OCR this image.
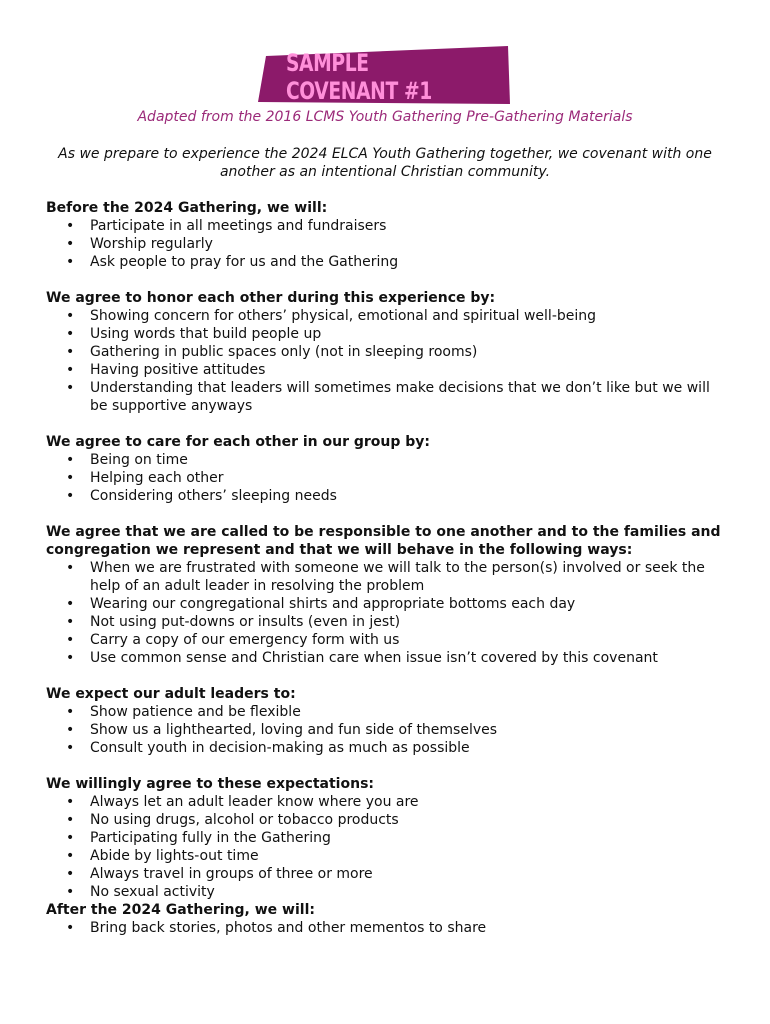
SAMPLE COVENANT #1
Adapted from the 2016 LCMS Youth Gathering Pre-Gathering Materials
As we prepare to experience the 2024 ELCA Youth Gathering together, we covenant with one another as an intentional Christian community.
Before the 2024 Gathering, we will:
• Participate in all meetings and fundraisers
• Worship regularly
• Ask people to pray for us and the Gathering
We agree to honor each other during this experience by:
• Showing concern for others’ physical, emotional and spiritual well-being
• Using words that build people up
• Gathering in public spaces only (not in sleeping rooms)
• Having positive attitudes
• Understanding that leaders will sometimes make decisions that we don’t like but we will be supportive anyways
We agree to care for each other in our group by:
• Being on time
• Helping each other
• Considering others’ sleeping needs
We agree that we are called to be responsible to one another and to the families and congregation we represent and that we will behave in the following ways:
• When we are frustrated with someone we will talk to the person(s) involved or seek the help of an adult leader in resolving the problem
• Wearing our congregational shirts and appropriate bottoms each day
• Not using put-downs or insults (even in jest)
• Carry a copy of our emergency form with us
• Use common sense and Christian care when issue isn’t covered by this covenant
We expect our adult leaders to:
• Show patience and be flexible
• Show us a lighthearted, loving and fun side of themselves
• Consult youth in decision-making as much as possible
We willingly agree to these expectations:
• Always let an adult leader know where you are
• No using drugs, alcohol or tobacco products
• Participating fully in the Gathering
• Abide by lights-out time
• Always travel in groups of three or more
• No sexual activity
After the 2024 Gathering, we will:
• Bring back stories, photos and other mementos to share
